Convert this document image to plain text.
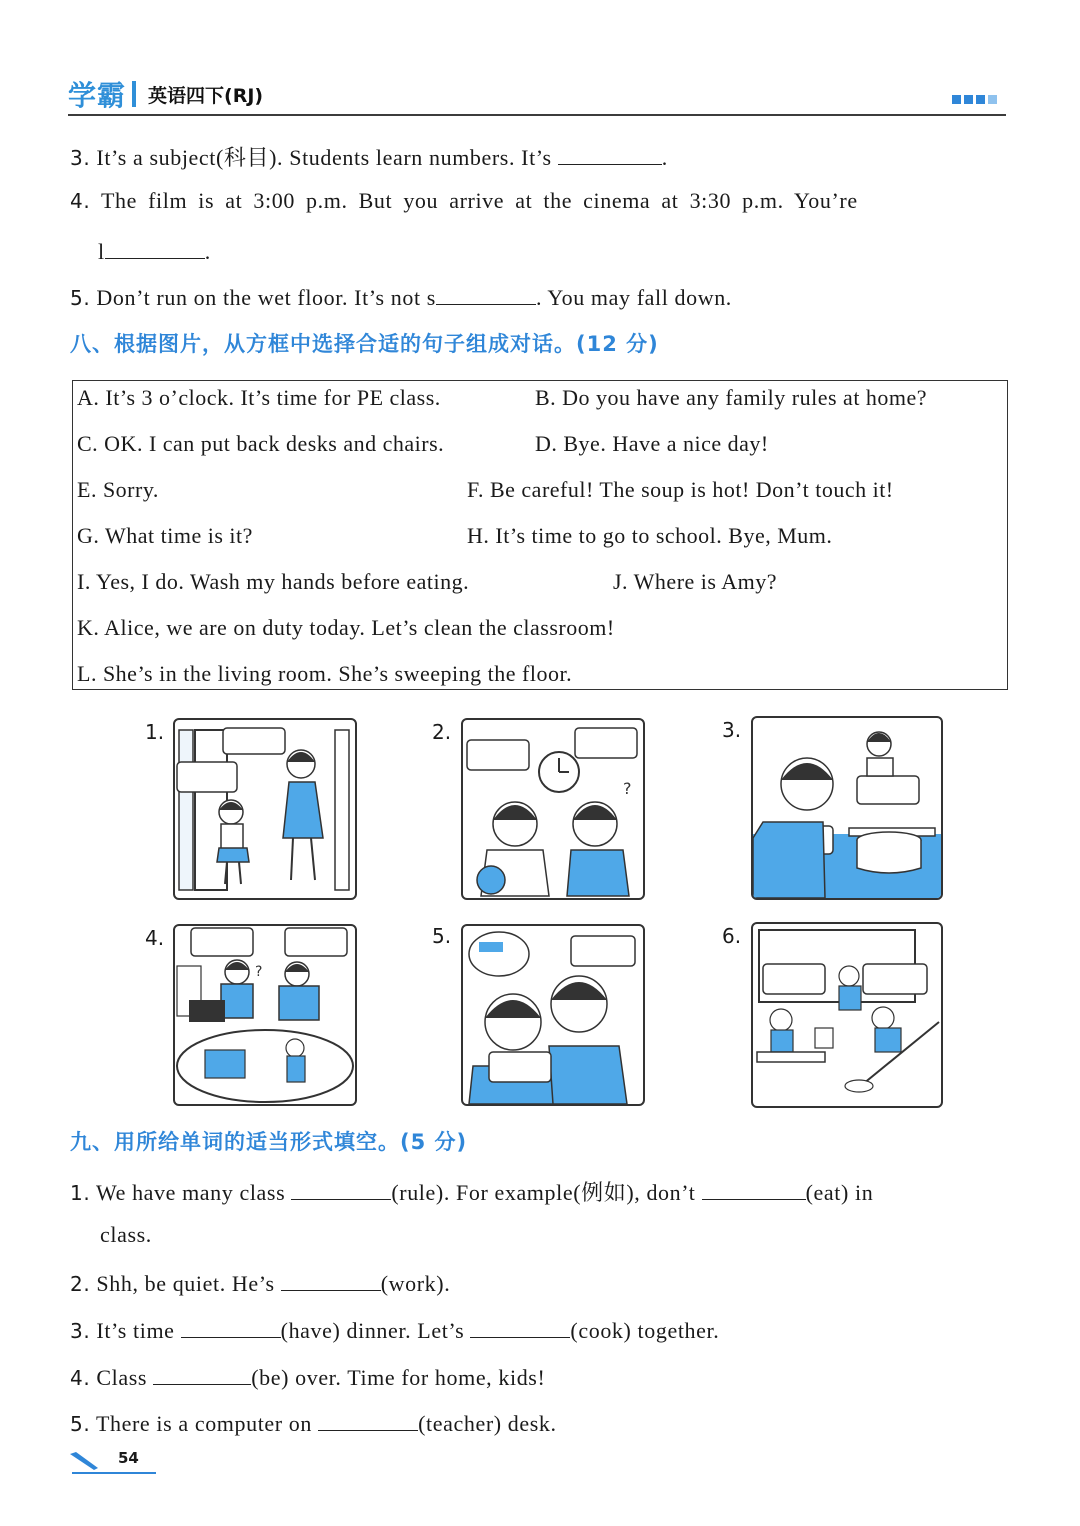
学霸 英语四下(RJ)
3. It’s a subject(科目). Students learn numbers. It’s	.
4. The film is at 3:00 p.m. But you arrive at the cinema at 3:30 p.m. You’re
l	.
5. Don’t run on the wet floor. It’s not s	. You may fall down.
八、根据图片，从方框中选择合适的句子组成对话。(12 分)
A. It’s 3 o’clock. It’s time for PE class.	B. Do you have any family rules at home?
C. OK. I can put back desks and chairs.	D. Bye. Have a nice day!
E. Sorry.	F. Be careful! The soup is hot! Don’t touch it!
G. What time is it?	H. It’s time to go to school. Bye, Mum.
I. Yes, I do. Wash my hands before eating.	J. Where is Amy?
K. Alice, we are on duty today. Let’s clean the classroom!
L. She’s in the living room. She’s sweeping the floor.
1.	2.	3.
4.	5.	6.
?
?
九、用所给单词的适当形式填空。(5 分)
1. We have many class	(rule). For example(例如), don’t	(eat) in
class.
2. Shh, be quiet. He’s	(work).
3. It’s time	(have) dinner. Let’s	(cook) together.
4. Class	(be) over. Time for home, kids!
5. There is a computer on	(teacher) desk.
54
